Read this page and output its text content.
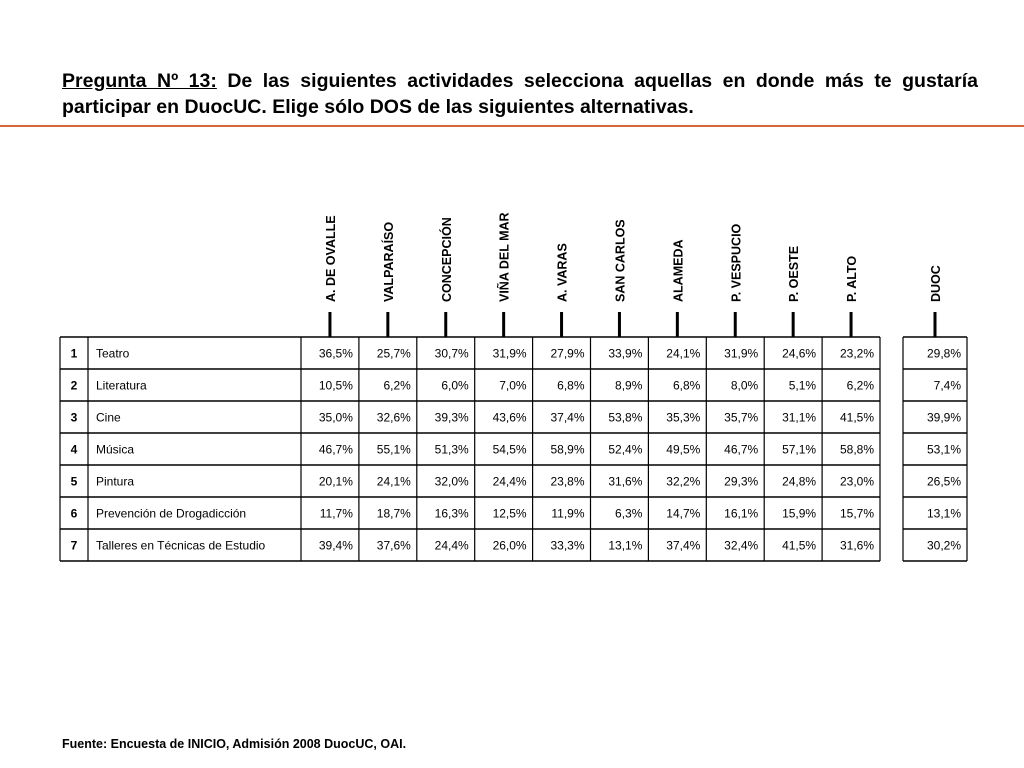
Pregunta Nº 13: De las siguientes actividades selecciona aquellas en donde más te gustaría participar en DuocUC. Elige sólo DOS de las siguientes alternativas.
A. DE OVALLE	VALPARAÍSO	CONCEPCIÓN	VIÑA DEL MAR	A. VARAS	SAN CARLOS	ALAMEDA	P. VESPUCIO	P. OESTE	P. ALTO	DUOC
1 Teatro	36,5% 25,7% 30,7% 31,9% 27,9% 33,9% 24,1% 31,9% 24,6% 23,2%	29,8%
2 Literatura	10,5%	6,2%	6,0%	7,0%	6,8%	8,9%	6,8%	8,0%	5,1%	6,2%	7,4%
3 Cine	35,0% 32,6% 39,3% 43,6% 37,4% 53,8% 35,3% 35,7% 31,1% 41,5%	39,9%
4 Música	46,7% 55,1% 51,3% 54,5% 58,9% 52,4% 49,5% 46,7% 57,1% 58,8%	53,1%
5 Pintura	20,1% 24,1% 32,0% 24,4% 23,8% 31,6% 32,2% 29,3% 24,8% 23,0%	26,5%
6 Prevención de Drogadicción	11,7% 18,7% 16,3% 12,5% 11,9%	6,3% 14,7% 16,1% 15,9% 15,7%	13,1%
7 Talleres en Técnicas de Estudio	39,4% 37,6% 24,4% 26,0% 33,3% 13,1% 37,4% 32,4% 41,5% 31,6%	30,2%
Fuente: Encuesta de INICIO, Admisión 2008 DuocUC, OAI.
